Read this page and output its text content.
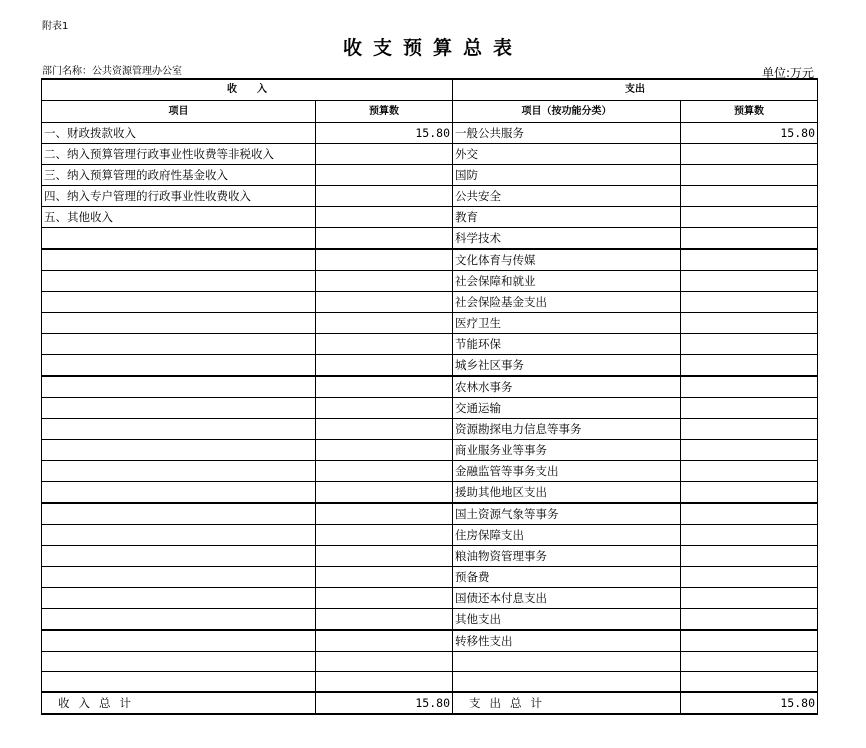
附表1
收支预算总表
部门名称：公共资源管理办公室	单位:万元
收　　入		支出	
项目	预算数	项目（按功能分类）	预算数
一、财政拨款收入	15.80	一般公共服务	15.80
二、纳入预算管理行政事业性收费等非税收入		外交	
三、纳入预算管理的政府性基金收入		国防	
四、纳入专户管理的行政事业性收费收入		公共安全	
五、其他收入		教育	
		科学技术	
		文化体育与传媒	
		社会保障和就业	
		社会保险基金支出	
		医疗卫生	
		节能环保	
		城乡社区事务	
		农林水事务	
		交通运输	
		资源勘探电力信息等事务	
		商业服务业等事务	
		金融监管等事务支出	
		援助其他地区支出	
		国土资源气象等事务	
		住房保障支出	
		粮油物资管理事务	
		预备费	
		国债还本付息支出	
		其他支出	
		转移性支出	

收入总计	15.80	支出总计	15.80
